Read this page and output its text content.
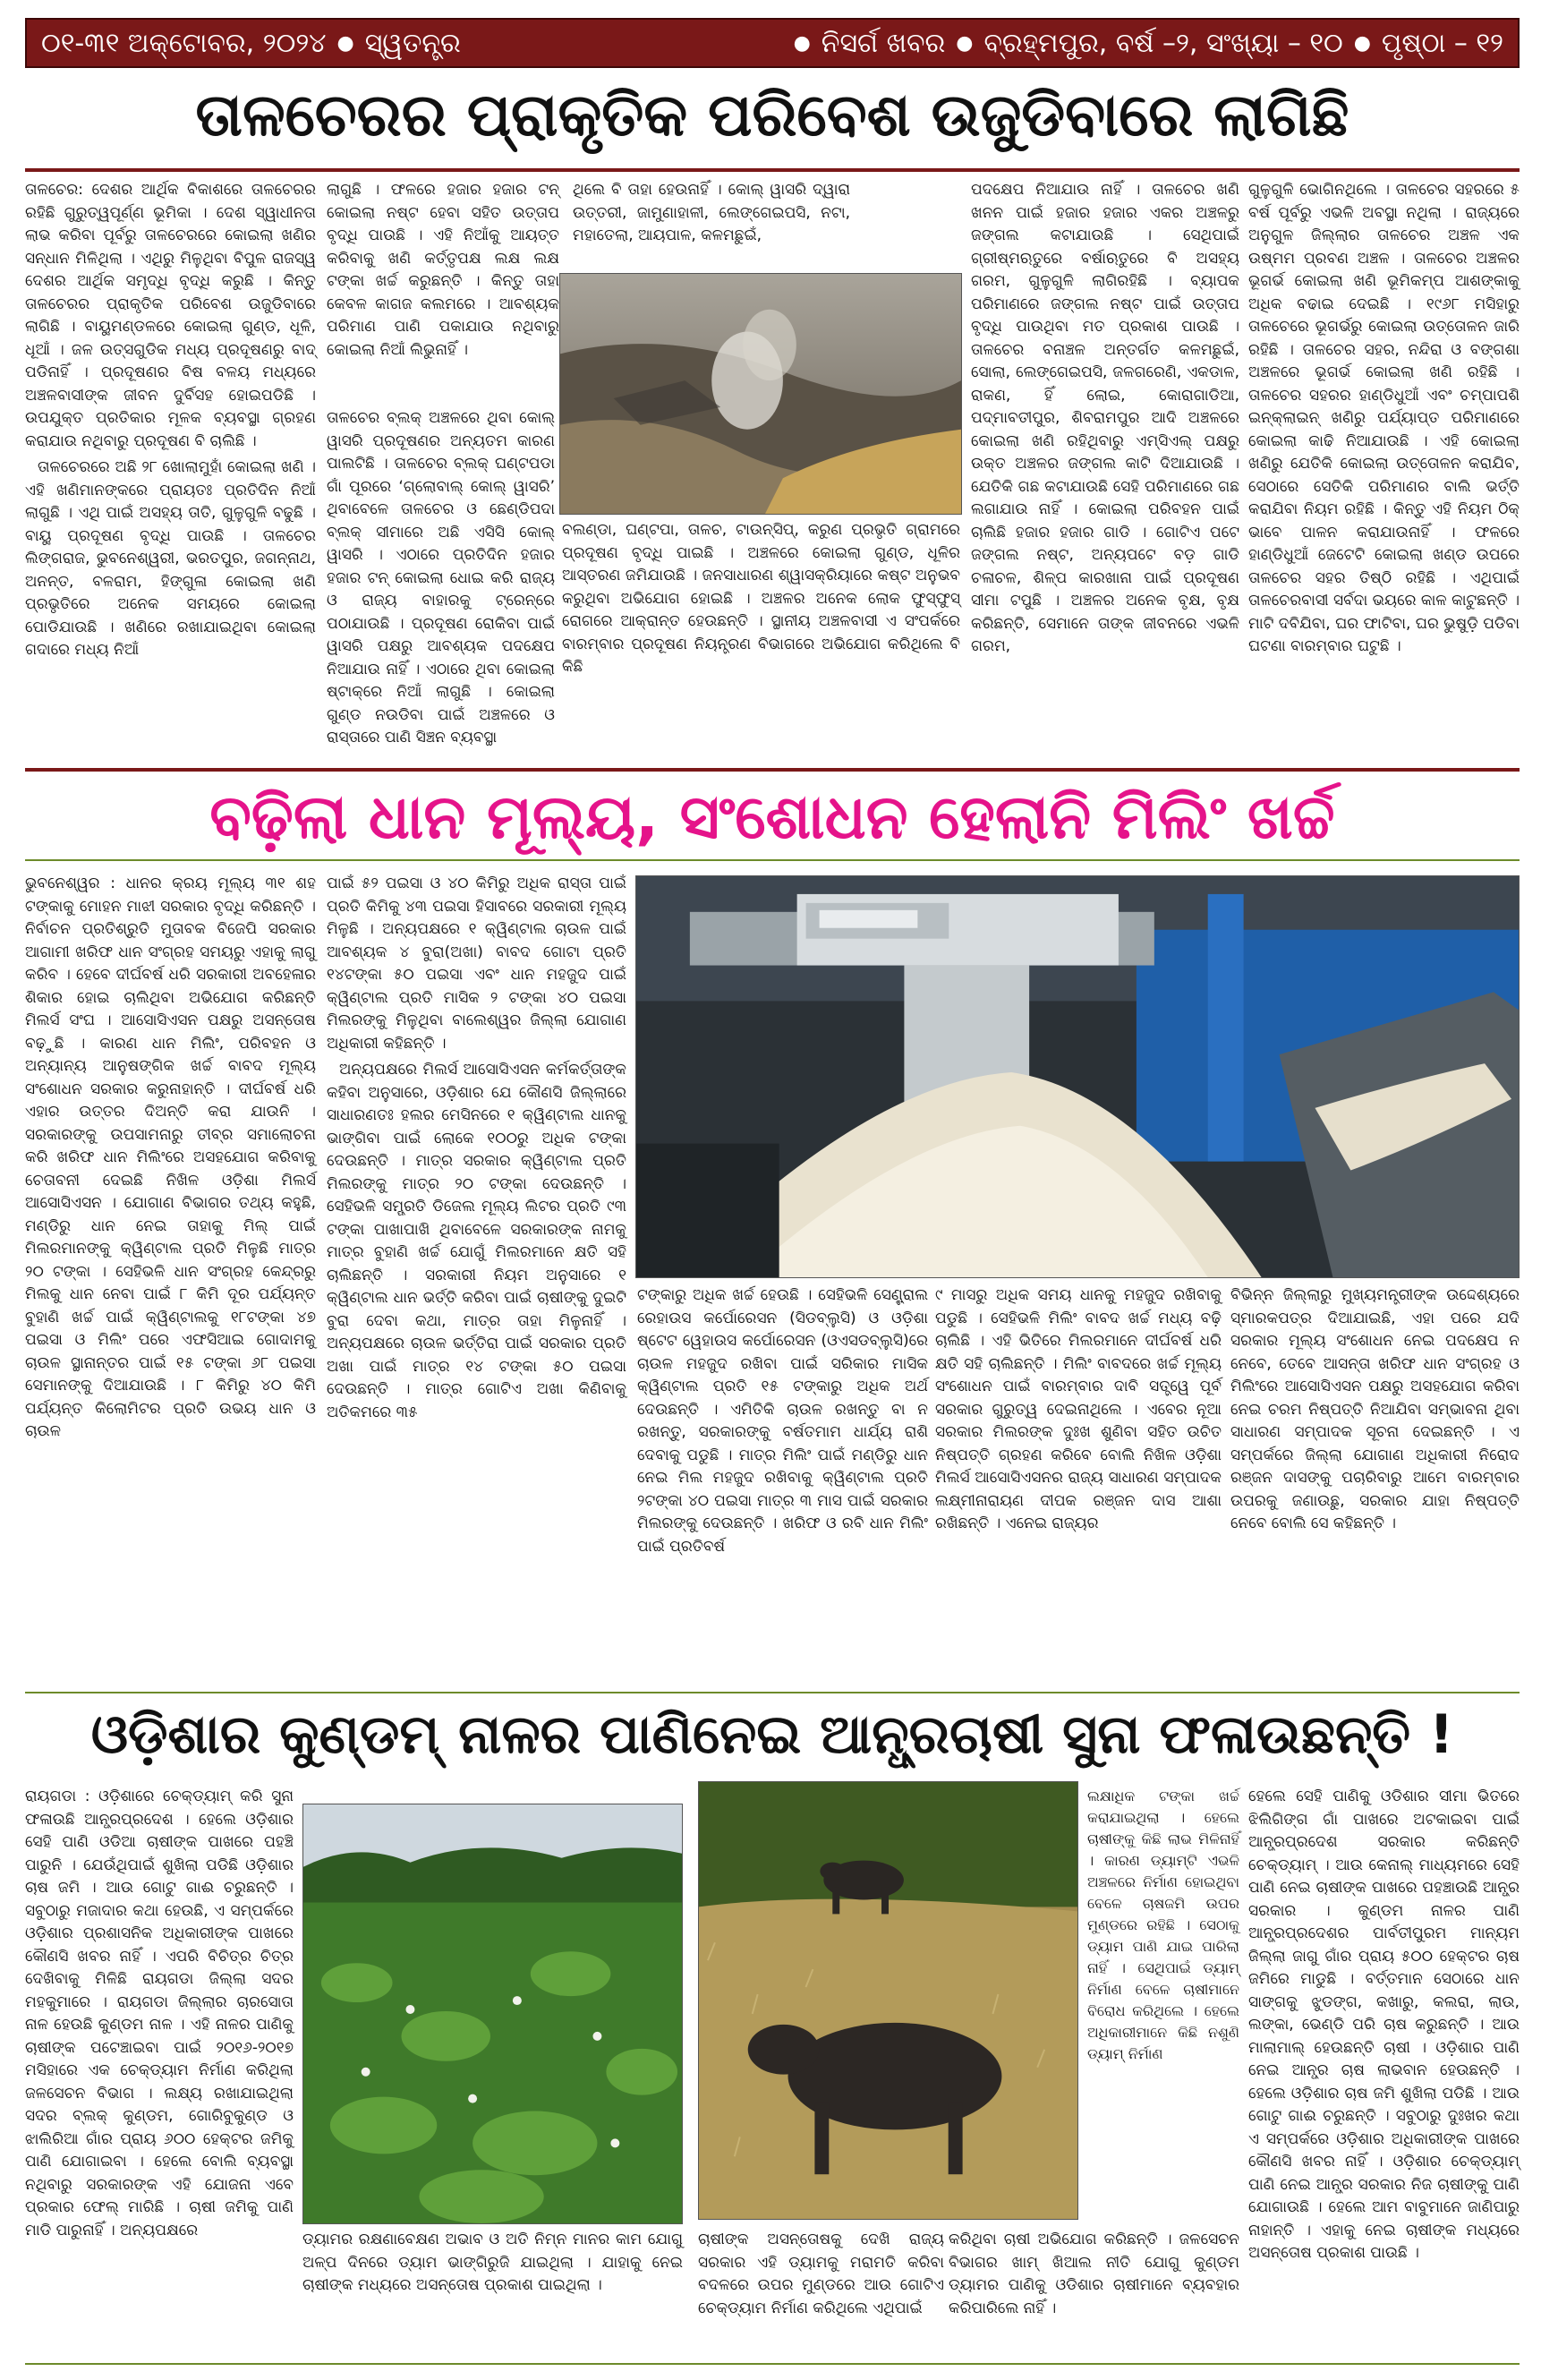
୦୧-୩୧ ଅକ୍ଟୋବର, ୨୦୨୪ ● ସ୍ୱତନ୍ତ୍ର	● ନିସର୍ଗ ଖବର ● ବ୍ରହ୍ମପୁର, ବର୍ଷ –୨, ସଂଖ୍ୟା – ୧୦ ● ପୃଷ୍ଠା – ୧୨
ତାଳଚେରର ପ୍ରାକୃତିକ ପରିବେଶ ଉଜୁଡିବାରେ ଲାଗିଛି

ତାଳଚେର: ଦେଶର ଆର୍ଥିକ ବିକାଶରେ ତାଳଚେରର ରହିଛି ଗୁରୁତ୍ୱପୂର୍ଣ୍ଣ ଭୂମିକା । ଦେଶ ସ୍ୱାଧୀନତା ଲାଭ କରିବା ପୂର୍ବରୁ ତାଳଚେରରେ କୋଇଲା ଖଣିର ସନ୍ଧାନ ମିଳିଥିଲା । ଏଥିରୁ ମିଳୁଥିବା ବିପୁଳ ରାଜସ୍ୱ ଦେଶର ଆର୍ଥିକ ସମୃଦ୍ଧି ବୃଦ୍ଧି କରୁଛି । କିନ୍ତୁ ତାଳଚେରର ପ୍ରାକୃତିକ ପରିବେଶ ଉଜୁଡିବାରେ ଲାଗିଛି । ବାୟୁମଣ୍ଡଳରେ କୋଇଲା ଗୁଣ୍ଡ, ଧୂଳି, ଧୂଆଁ । ଜଳ ଉତ୍ସଗୁଡିକ ମଧ୍ୟ ପ୍ରଦୂଷଣରୁ ବାଦ୍ ପଡିନାହିଁ । ପ୍ରଦୂଷଣର ବିଷ ବଳୟ ମଧ୍ୟରେ ଅଞ୍ଚଳବାସୀଙ୍କ ଜୀବନ ଦୁର୍ବିସହ ହୋଇପଡିଛି । ଉପଯୁକ୍ତ ପ୍ରତିକାର ମୂଳକ ବ୍ୟବସ୍ଥା ଗ୍ରହଣ କରାଯାଉ ନଥିବାରୁ ପ୍ରଦୂଷଣ ବି ଚାଲିଛି ।

ତାଳଚେରରେ ଅଛି ୨୮ ଖୋଲାମୁହାଁ କୋଇଲା ଖଣି । ଏହି ଖଣିମାନଙ୍କରେ ପ୍ରାୟତଃ ପ୍ରତିଦିନ ନିଆଁ ଲାଗୁଛି । ଏଥି ପାଇଁ ଅସହ୍ୟ ତାତି, ଗୁଳୁଗୁଳି ବଢୁଛି । ବାୟୁ ପ୍ରଦୂଷଣ ବୃଦ୍ଧି ପାଉଛି । ତାଳଚେର ଲିଙ୍ଗରାଜ, ଭୁବନେଶ୍ୱରୀ, ଭରତପୁର, ଜଗନ୍ନାଥ, ଅନନ୍ତ, ବଳରାମ, ହିଙ୍ଗୁଳା କୋଇଲା ଖଣି ପ୍ରଭୃତିରେ ଅନେକ ସମୟରେ କୋଇଲା ପୋଡିଯାଉଛି । ଖଣିରେ ରଖାଯାଇଥିବା କୋଇଲା ଗଦାରେ ମଧ୍ୟ ନିଆଁ

ଲାଗୁଛି । ଫଳରେ ହଜାର ହଜାର ଟନ୍ କୋଇଲା ନଷ୍ଟ ହେବା ସହିତ ଉତ୍ତାପ ବୃଦ୍ଧି ପାଉଛି । ଏହି ନିଆଁକୁ ଆୟତ୍ତ କରିବାକୁ ଖଣି କର୍ତ୍ତୃପକ୍ଷ ଲକ୍ଷ ଲକ୍ଷ ଟଙ୍କା ଖର୍ଚ୍ଚ କରୁଛନ୍ତି । କିନ୍ତୁ ତାହା କେବଳ କାଗଜ କଲମରେ । ଆବଶ୍ୟକ ପରିମାଣ ପାଣି ପକାଯାଉ ନଥିବାରୁ କୋଇଲା ନିଆଁ ଲିଭୁନାହିଁ ।

ଥିଲେ ବି ତାହା ହେଉନାହିଁ । କୋଲ୍ ୱାସରି ଦ୍ୱାରା ଉତ୍ତରୀ, ଜାମୁଣାହାଳୀ, ଲେଙ୍ଗେଇପସି, ନଟା, ମହାତେଲା, ଆୟପାଳ, କଳମଛୁଇଁ,

ତାଳଚେର ବ୍ଲକ୍ ଅଞ୍ଚଳରେ ଥିବା କୋଲ୍ ୱାସରି ପ୍ରଦୂଷଣର ଅନ୍ୟତମ କାରଣ ପାଲଟିଛି । ତାଳଚେର ବ୍ଲକ୍ ଘଣ୍ଟପଡା ଗାଁ ପୂରରେ ‘ଗ୍ଲୋବାଲ୍ କୋଲ୍ ୱାସରି’ ଥିବାବେଳେ ତାଳଚେର ଓ ଛେଣ୍ଡିପଦା ବ୍ଲକ୍ ସୀମାରେ ଅଛି ଏସିସି କୋଲ୍ ୱାସରି । ଏଠାରେ ପ୍ରତିଦିନ ହଜାର ହଜାର ଟନ୍ କୋଇଲା ଧୋଇ କରି ରାଜ୍ୟ ଓ ରାଜ୍ୟ ବାହାରକୁ ଟ୍ରେନ୍‌ରେ ପଠାଯାଉଛି । ପ୍ରଦୂଷଣ ରୋକିବା ପାଇଁ ୱାସରି ପକ୍ଷରୁ ଆବଶ୍ୟକ ପଦକ୍ଷେପ ନିଆଯାଉ ନାହିଁ । ଏଠାରେ ଥିବା କୋଇଲା ଷ୍ଟାକ୍‌ରେ ନିଆଁ ଲାଗୁଛି । କୋଇଲା ଗୁଣ୍ଡ ନଉଡିବା ପାଇଁ ଅଞ୍ଚଳରେ ଓ ରାସ୍ତାରେ ପାଣି ସିଞ୍ଚନ ବ୍ୟବସ୍ଥା

ବଲଣ୍ଡା, ଘଣ୍ଟପା, ତାଳଚ, ଟାଉନ୍‌ସିପ୍, କରୁଣ ପ୍ରଭୃତି ଗ୍ରାମରେ ପ୍ରଦୂଷଣ ବୃଦ୍ଧି ପାଇଛି । ଅଞ୍ଚଳରେ କୋଇଲା ଗୁଣ୍ଡ, ଧୂଳିର ଆସ୍ତରଣ ଜମିଯାଉଛି । ଜନସାଧାରଣ ଶ୍ୱାସକ୍ରିୟାରେ କଷ୍ଟ ଅନୁଭବ କରୁଥିବା ଅଭିଯୋଗ ହୋଇଛି । ଅଞ୍ଚଳର ଅନେକ ଲୋକ ଫୁସ୍‌ଫୁସ୍ ରୋଗରେ ଆକ୍ରାନ୍ତ ହେଉଛନ୍ତି । ସ୍ଥାନୀୟ ଅଞ୍ଚଳବାସୀ ଏ ସଂପର୍କରେ ବାରମ୍ବାର ପ୍ରଦୂଷଣ ନିୟନ୍ତ୍ରଣ ବିଭାଗରେ ଅଭିଯୋଗ କରିଥିଲେ ବି କିଛି

ପଦକ୍ଷେପ ନିଆଯାଉ ନାହିଁ । ତାଳଚେର ଖଣି ଖନନ ପାଇଁ ହଜାର ହଜାର ଏକର ଅଞ୍ଚଳରୁ ଜଙ୍ଗଲ କଟାଯାଉଛି । ସେଥିପାଇଁ ଗ୍ରୀଷ୍ମଋତୁରେ ବର୍ଷାଋତୁରେ ବି ଅସହ୍ୟ ଗରମ, ଗୁଳୁଗୁଳି ଲାଗିରହିଛି । ବ୍ୟାପକ ପରିମାଣରେ ଜଙ୍ଗଲ ନଷ୍ଟ ପାଇଁ ଉତ୍ତାପ ବୃଦ୍ଧି ପାଉଥିବା ମତ ପ୍ରକାଶ ପାଉଛି । ତାଳଚେର ବନାଞ୍ଚଳ ଅନ୍ତର୍ଗତ କଳମଛୁଇଁ, ସୋଲା, ଲେଙ୍ଗେଇପସି, ଜଳଗରେଣି, ଏକଡାଳ, ରାକଣ, ହିଁ ଲୋଇ, କୋରାଗାଡିଆ, ପଦ୍ମାବତୀପୁର, ଶିବରାମପୁର ଆଦି ଅଞ୍ଚଳରେ କୋଇଲା ଖଣି ରହିଥିବାରୁ ଏମ୍‌ସିଏଲ୍ ପକ୍ଷରୁ ଉକ୍ତ ଅଞ୍ଚଳର ଜଙ୍ଗଲ କାଟି ଦିଆଯାଉଛି । ଯେତିକି ଗଛ କଟାଯାଉଛି ସେହି ପରିମାଣରେ ଗଛ ଲଗାଯାଉ ନାହିଁ । କୋଇଲା ପରିବହନ ପାଇଁ ଚାଲିଛି ହଜାର ହଜାର ଗାଡି । ଗୋଟିଏ ପଟେ ଜଙ୍ଗଲ ନଷ୍ଟ, ଅନ୍ୟପଟେ ବଡ଼ ଗାଡି ଚଳାଚଳ, ଶିଳ୍ପ କାରଖାନା ପାଇଁ ପ୍ରଦୂଷଣ ସୀମା ଟପୁଛି । ଅଞ୍ଚଳର ଅନେକ ବୃକ୍ଷ, ବୃକ୍ଷ କରିଛନ୍ତି, ସେମାନେ ତାଙ୍କ ଜୀବନରେ ଏଭଳି ଗରମ,

ଗୁଳୁଗୁଳି ଭୋଗିନଥିଲେ । ତାଳଚେର ସହରରେ ୫ ବର୍ଷ ପୂର୍ବରୁ ଏଭଳି ଅବସ୍ଥା ନଥିଲା । ରାଜ୍ୟରେ ଅନୁଗୁଳ ଜିଲ୍ଲାର ତାଳଚେର ଅଞ୍ଚଳ ଏକ ଉଷ୍ମମ ପ୍ରବଣ ଅଞ୍ଚଳ । ତାଳଚେର ଅଞ୍ଚଳର ଭୂଗର୍ଭ କୋଇଲା ଖଣି ଭୂମିକମ୍ପ ଆଶଙ୍କାକୁ ଅଧିକ ବଢାଇ ଦେଇଛି । ୧୯୬୮ ମସିହାରୁ ତାଳଚେରେ ଭୂଗର୍ଭରୁ କୋଇଲା ଉତ୍ତୋଳନ ଜାରି ରହିଛି । ତାଳଚେର ସହର, ନନ୍ଦିରା ଓ ବଙ୍ଗଶା ଅଞ୍ଚଳରେ ଭୂଗର୍ଭ କୋଇଲା ଖଣି ରହିଛି । ତାଳଚେର ସହରର ହାଣ୍ଡିଧୁଆଁ ଏବଂ ଚମ୍ପାପଶି ଇନ୍‌କ୍ଲାଇନ୍ ଖଣିରୁ ପର୍ଯ୍ୟାପ୍ତ ପରିମାଣରେ କୋଇଲା କାଢି ନିଆଯାଉଛି । ଏହି କୋଇଲା ଖଣିରୁ ଯେତିକି କୋଇଲା ଉତ୍ତୋଳନ କରାଯିବ, ସେଠାରେ ସେତିକି ପରିମାଣର ବାଲି ଭର୍ତ୍ତି କରାଯିବା ନିୟମ ରହିଛି । କିନ୍ତୁ ଏହି ନିୟମ ଠିକ୍ ଭାବେ ପାଳନ କରାଯାଉନାହିଁ । ଫଳରେ ହାଣ୍ଡିଧୁଆଁ ଜେଟେଟି କୋଇଲା ଖଣ୍ଡ ଉପରେ ତାଳଚେର ସହର ତିଷ୍ଠି ରହିଛି । ଏଥିପାଇଁ ତାଳଚେରବାସୀ ସର୍ବଦା ଭୟରେ କାଳ କାଟୁଛନ୍ତି । ମାଟି ଦବିଯିବା, ଘର ଫାଟିବା, ଘର ଭୁଷୁଡ଼ି ପଡିବା ଘଟଣା ବାରମ୍ବାର ଘଟୁଛି ।

ବଢ଼ିଲା ଧାନ ମୂଲ୍ୟ, ସଂଶୋଧନ ହେଲାନି ମିଲିଂ ଖର୍ଚ୍ଚ

ଭୁବନେଶ୍ୱର : ଧାନର କ୍ରୟ ମୂଲ୍ୟ ୩୧ ଶହ ଟଙ୍କାକୁ ମୋହନ ମାଝୀ ସରକାର ବୃଦ୍ଧି କରିଛନ୍ତି । ନିର୍ବାଚନ ପ୍ରତିଶ୍ରୁତି ମୁତାବକ ବିଜେପି ସରକାର ଆଗାମୀ ଖରିଫ ଧାନ ସଂଗ୍ରହ ସମୟରୁ ଏହାକୁ ଲାଗୁ କରିବ । ହେବେ ଦୀର୍ଘବର୍ଷ ଧରି ସରକାରୀ ଅବହେଳାର ଶିକାର ହୋଇ ଚାଲିଥିବା ଅଭିଯୋଗ କରିଛନ୍ତି ମିଲର୍ସ ସଂଘ । ଆସୋସିଏସନ ପକ୍ଷରୁ ଅସନ୍ତୋଷ ବଢ଼ୁଛି । କାରଣ ଧାନ ମିଲିଂ, ପରିବହନ ଓ ଅନ୍ୟାନ୍ୟ ଆନୁଷଙ୍ଗିକ ଖର୍ଚ୍ଚ ବାବଦ ମୂଲ୍ୟ ସଂଶୋଧନ ସରକାର କରୁନାହାନ୍ତି । ଦୀର୍ଘବର୍ଷ ଧରି ଏହାର ଉତ୍ତର ଦିଅନ୍ତି କରା ଯାଉନି । ସରକାରଙ୍କୁ ଉପସାମନାରୁ ତୀବ୍ର ସମାଲୋଚନା କରି ଖରିଫ ଧାନ ମିଲିଂରେ ଅସହଯୋଗ କରିବାକୁ ଚେତାବନୀ ଦେଇଛି ନିଖିଳ ଓଡ଼ିଶା ମିଲର୍ସ ଆସୋସିଏସନ । ଯୋଗାଣ ବିଭାଗର ତଥ୍ୟ କହୁଛି, ମଣ୍ଡିରୁ ଧାନ ନେଇ ତାହାକୁ ମିଲ୍ ପାଇଁ ମିଲରମାନଙ୍କୁ କ୍ୱିଣ୍ଟାଲ ପ୍ରତି ମିଳୁଛି ମାତ୍ର ୨୦ ଟଙ୍କା । ସେହିଭଳି ଧାନ ସଂଗ୍ରହ କେନ୍ଦ୍ରରୁ ମିଲକୁ ଧାନ ନେବା ପାଇଁ ୮ କିମି ଦୂର ପର୍ଯ୍ୟନ୍ତ ବୁହାଣି ଖର୍ଚ୍ଚ ପାଇଁ କ୍ୱିଣ୍ଟାଲକୁ ୧୮ଟଙ୍କା ୪୭ ପଇସା ଓ ମିଲିଂ ପରେ ଏଫସିଆଇ ଗୋଦାମକୁ ଚାଉଳ ସ୍ଥାନାନ୍ତର ପାଇଁ ୧୫ ଟଙ୍କା ୬୮ ପଇସା ସେମାନଙ୍କୁ ଦିଆଯାଉଛି । ୮ କିମିରୁ ୪୦ କିମି ପର୍ଯ୍ୟନ୍ତ କିଲୋମିଟର ପ୍ରତି ଉଭୟ ଧାନ ଓ ଚାଉଳ

ପାଇଁ ୫୨ ପଇସା ଓ ୪୦ କିମିରୁ ଅଧିକ ରାସ୍ତା ପାଇଁ ପ୍ରତି କିମିକୁ ୪୩ ପଇସା ହିସାବରେ ସରକାରୀ ମୂଲ୍ୟ ମିଳୁଛି । ଅନ୍ୟପକ୍ଷରେ ୧ କ୍ୱିଣ୍ଟାଲ ଚାଉଳ ପାଇଁ ଆବଶ୍ୟକ ୪ ବୁରା(ଅଖା) ବାବଦ ଗୋଟା ପ୍ରତି ୧୪ଟଙ୍କା ୫୦ ପଇସା ଏବଂ ଧାନ ମହଜୁଦ ପାଇଁ କ୍ୱିଣ୍ଟାଲ ପ୍ରତି ମାସିକ ୨ ଟଙ୍କା ୪୦ ପଇସା ମିଲରଙ୍କୁ ମିଳୁଥିବା ବାଲେଶ୍ୱର ଜିଲ୍ଲା ଯୋଗାଣ ଅଧିକାରୀ କହିଛନ୍ତି ।

ଅନ୍ୟପକ୍ଷରେ ମିଲର୍ସ ଆସୋସିଏସନ କର୍ମକର୍ତ୍ତାଙ୍କ କହିବା ଅନୁସାରେ, ଓଡ଼ିଶାର ଯେ କୌଣସି ଜିଲ୍ଲାରେ ସାଧାରଣତଃ ହଲର ମେସିନରେ ୧ କ୍ୱିଣ୍ଟାଲ ଧାନକୁ ଭାଙ୍ଗିବା ପାଇଁ ଲୋକେ ୧୦୦ରୁ ଅଧିକ ଟଙ୍କା ଦେଉଛନ୍ତି । ମାତ୍ର ସରକାର କ୍ୱିଣ୍ଟାଲ ପ୍ରତି ମିଲରଙ୍କୁ ମାତ୍ର ୨୦ ଟଙ୍କା ଦେଉଛନ୍ତି । ସେହିଭଳି ସମ୍ପ୍ରତି ଡିଜେଲ ମୂଲ୍ୟ ଲିଟର ପ୍ରତି ୯୩ ଟଙ୍କା ପାଖାପାଖି ଥିବାବେଳେ ସରକାରଙ୍କ ନାମକୁ ମାତ୍ର ବୁହାଣି ଖର୍ଚ୍ଚ ଯୋଗୁଁ ମିଲରମାନେ କ୍ଷତି ସହି ଚାଲିଛନ୍ତି । ସରକାରୀ ନିୟମ ଅନୁସାରେ ୧ କ୍ୱିଣ୍ଟାଲ ଧାନ ଭର୍ତ୍ତି କରିବା ପାଇଁ ଚାଷୀଙ୍କୁ ଦୁଇଟି ବୁରା ଦେବା କଥା, ମାତ୍ର ତାହା ମିଳୁନାହିଁ । ଅନ୍ୟପକ୍ଷରେ ଚାଉଳ ଭର୍ତ୍ତିରା ପାଇଁ ସରକାର ପ୍ରତି ଅଖା ପାଇଁ ମାତ୍ର ୧୪ ଟଙ୍କା ୫୦ ପଇସା ଦେଉଛନ୍ତି । ମାତ୍ର ଗୋଟିଏ ଅଖା କିଣିବାକୁ ଅତିକମରେ ୩୫

ଟଙ୍କାରୁ ଅଧିକ ଖର୍ଚ୍ଚ ହେଉଛି । ସେହିଭଳି ସେଣ୍ଟ୍ରାଲ ରେହାଉସ କର୍ପୋରେସନ (ସିଡବ୍ଲୁସି) ଓ ଓଡ଼ିଶା ଷ୍ଟେଟ ୱେହାଉସ କର୍ପୋରେସନ (ଓଏସଡବ୍ଲୁସି)ରେ ଚାଉଳ ମହଜୁଦ ରଖିବା ପାଇଁ ସରିକାର ମାସିକ କ୍ୱିଣ୍ଟାଲ ପ୍ରତି ୧୫ ଟଙ୍କାରୁ ଅଧିକ ଅର୍ଥ ଦେଉଛନ୍ତି । ଏମିତିକି ଚାଉଳ ରଖନ୍ତୁ ବା ନ ରଖନ୍ତୁ, ସରକାରଙ୍କୁ ବର୍ଷତମାମ ଧାର୍ଯ୍ୟ ରାଶି ଦେବାକୁ ପଡୁଛି । ମାତ୍ର ମିଲିଂ ପାଇଁ ମଣ୍ଡିରୁ ଧାନ ନେଇ ମିଲ ମହଜୁଦ ରଖିବାକୁ କ୍ୱିଣ୍ଟାଲ ପ୍ରତି ୨ଟଙ୍କା ୪୦ ପଇସା ମାତ୍ର ୩ ମାସ ପାଇଁ ସରକାର ମିଲରଙ୍କୁ ଦେଉଛନ୍ତି । ଖରିଫ ଓ ରବି ଧାନ ମିଲିଂ ପାଇଁ ପ୍ରତିବର୍ଷ

୯ ମାସରୁ ଅଧିକ ସମୟ ଧାନକୁ ମହଜୁଦ ରଖିବାକୁ ପଡୁଛି । ସେହିଭଳି ମିଲିଂ ବାବଦ ଖର୍ଚ୍ଚ ମଧ୍ୟ ବଢ଼ି ଚାଲିଛି । ଏହି ଭିତିରେ ମିଲରମାନେ ଦୀର୍ଘବର୍ଷ ଧରି କ୍ଷତି ସହି ଚାଲିଛନ୍ତି । ମିଲିଂ ବାବଦରେ ଖର୍ଚ୍ଚ ମୂଲ୍ୟ ସଂଶୋଧନ ପାଇଁ ବାରମ୍ବାର ଦାବି ସତ୍ତ୍ୱେ ପୂର୍ବ ସରକାର ଗୁରୁତ୍ୱ ଦେଇନାଥିଲେ । ଏବେର ନୂଆ ସରକାର ମିଲରଙ୍କ ଦୁଃଖ ଶୁଣିବା ସହିତ ଉଚିତ ନିଷ୍ପତ୍ତି ଗ୍ରହଣ କରିବେ ବୋଲି ନିଖିଳ ଓଡ଼ିଶା ମିଲର୍ସ ଆସୋସିଏସନର ରାଜ୍ୟ ସାଧାରଣ ସମ୍ପାଦକ ଲକ୍ଷ୍ମୀନାରାୟଣ ଦୀପକ ରଞ୍ଜନ ଦାସ ଆଶା ରଖିଛନ୍ତି । ଏନେଇ ରାଜ୍ୟର

ବିଭିନ୍ନ ଜିଲ୍ଲାରୁ ମୁଖ୍ୟମନ୍ତ୍ରୀଙ୍କ ଉଦ୍ଦେଶ୍ୟରେ ସ୍ମାରକପତ୍ର ଦିଆଯାଇଛି, ଏହା ପରେ ଯଦି ସରକାର ମୂଲ୍ୟ ସଂଶୋଧନ ନେଇ ପଦକ୍ଷେପ ନ ନେବେ, ତେବେ ଆସନ୍ତା ଖରିଫ ଧାନ ସଂଗ୍ରହ ଓ ମିଲିଂରେ ଆସୋସିଏସନ ପକ୍ଷରୁ ଅସହଯୋଗ କରିବା ନେଇ ଚରମ ନିଷ୍ପତ୍ତି ନିଆଯିବା ସମ୍ଭାବନା ଥିବା ସାଧାରଣ ସମ୍ପାଦକ ସୂଚନା ଦେଇଛନ୍ତି । ଏ ସମ୍ପର୍କରେ ଜିଲ୍ଲା ଯୋଗାଣ ଅଧିକାରୀ ନିରୋଦ ରଞ୍ଜନ ଦାସଙ୍କୁ ପଚାରିବାରୁ ଆମେ ବାରମ୍ବାର ଉପରକୁ ଜଣାଉଛୁ, ସରକାର ଯାହା ନିଷ୍ପତ୍ତି ନେବେ ବୋଲି ସେ କହିଛନ୍ତି ।

ଓଡ଼ିଶାର କୁଣ୍ଡମ୍ ନାଳର ପାଣିନେଇ ଆନ୍ଧ୍ରଚାଷୀ ସୁନା ଫଳାଉଛନ୍ତି !

ରାୟଗଡା : ଓଡ଼ିଶାରେ ଚେକ୍‌ଡ୍ୟାମ୍ କରି ସୁନା ଫଳାଉଛି ଆନ୍ଧ୍ରପ୍ରଦେଶ । ହେଲେ ଓଡ଼ିଶାର ସେହି ପାଣି ଓଡିଆ ଚାଷୀଙ୍କ ପାଖରେ ପହଞ୍ଚି ପାରୁନି । ଯେଉଁଥିପାଇଁ ଶୁଖିଲା ପଡିଛି ଓଡ଼ିଶାର ଚାଷ ଜମି । ଆଉ ଗୋଟୁ ଗାଈ ଚରୁଛନ୍ତି । ସବୁଠାରୁ ମଜାଦାର କଥା ହେଉଛି, ଏ ସମ୍ପର୍କରେ ଓଡ଼ିଶାର ପ୍ରଶାସନିକ ଅଧିକାରୀଙ୍କ ପାଖରେ କୌଣସି ଖବର ନାହିଁ । ଏପରି ବିଚିତ୍ର ଚିତ୍ର ଦେଖିବାକୁ ମିଳିଛି ରାୟଗଡା ଜିଲ୍ଲା ସଦର ମହକୁମାରେ । ରାୟଗଡା ଜିଲ୍ଲାର ଚାରସୋତା ନାଳ ହେଉଛି କୁଣ୍ଡମ ନାଳ । ଏହି ନାଳର ପାଣିକୁ ଚାଷୀଙ୍କ ପଟେଞ୍ଚାଇବା ପାଇଁ ୨୦୧୬-୨୦୧୭ ମସିହାରେ ଏକ ଚେକ୍‌ଡ୍ୟାମ ନିର୍ମାଣ କରିଥିଲା ଜଳସେଚନ ବିଭାଗ । ଲକ୍ଷ୍ୟ ରଖାଯାଇଥିଲା ସଦର ବ୍ଲକ୍ କୁଣ୍ଡମ, ଗୋରିବୁକୁଣ୍ଡ ଓ ଝାଲିରିଆ ଗାଁର ପ୍ରାୟ ୬୦୦ ହେକ୍ଟର ଜମିକୁ ପାଣି ଯୋଗାଇବା । ହେଲେ ବୋଲି ବ୍ୟବସ୍ଥା ନଥିବାରୁ ସରକାରଙ୍କ ଏହି ଯୋଜନା ଏବେ ପ୍ରକାର ଫେଲ୍ ମାରିଛି । ଚାଷୀ ଜମିକୁ ପାଣି ମାଡି ପାରୁନାହିଁ । ଅନ୍ୟପକ୍ଷରେ

ଡ୍ୟାମର ରକ୍ଷଣାବେକ୍ଷଣ ଅଭାବ ଓ ଅତି ନିମ୍ନ ମାନର କାମ ଯୋଗୁ ଅଳ୍ପ ଦିନରେ ଡ୍ୟାମ ଭାଙ୍ଗିରୁଜି ଯାଇଥିଲା । ଯାହାକୁ ନେଇ ଚାଷୀଙ୍କ ମଧ୍ୟରେ ଅସନ୍ତୋଷ ପ୍ରକାଶ ପାଇଥିଲା ।

ଚାଷୀଙ୍କ ଅସନ୍ତୋଷକୁ ଦେଖି ରାଜ୍ୟ ସରକାର ଏହି ଡ୍ୟାମକୁ ମରାମତି କରିବା ବଦଳରେ ଉପର ମୁଣ୍ଡରେ ଆଉ ଗୋଟିଏ ଚେକ୍‌ଡ୍ୟାମ ନିର୍ମାଣ କରିଥିଲେ ଏଥିପାଇଁ

କରିଥିବା ଚାଷୀ ଅଭିଯୋଗ କରିଛନ୍ତି । ଜଳସେଚନ ବିଭାଗର ଖାମ୍ ଖିଆଲ ନୀତି ଯୋଗୁ କୁଣ୍ଡମ ଡ୍ୟାମର ପାଣିକୁ ଓଡିଶାର ଚାଷୀମାନେ ବ୍ୟବହାର କରିପାରିଲେ ନାହିଁ ।

ଲକ୍ଷାଧିକ ଟଙ୍କା ଖର୍ଚ୍ଚ କରାଯାଇଥିଲା । ହେଲେ ଚାଷୀଙ୍କୁ କିଛି ଲାଭ ମିଳିନାହିଁ । କାରଣ ଡ୍ୟାମ୍‌ଟି ଏଭଳି ଅଞ୍ଚଳରେ ନିର୍ମାଣ ହୋଇଥିବା ବେଳେ ଚାଷଜମି ଉପର ମୁଣ୍ଡରେ ରହିଛି । ସେଠାକୁ ଡ୍ୟାମ ପାଣି ଯାଇ ପାରିଲା ନାହିଁ । ସେଥିପାଇଁ ଡ୍ୟାମ୍ ନିର୍ମାଣ ବେଳେ ଚାଷୀମାନେ ବିରୋଧ କରିଥିଲେ । ହେଲେ ଅଧିକାରୀମାନେ କିଛି ନଶୁଣି ଡ୍ୟାମ୍ ନିର୍ମାଣ

ହେଲେ ସେହି ପାଣିକୁ ଓଡିଶାର ସୀମା ଭିତରେ ଝିଲିଗିଙ୍ଗ ଗାଁ ପାଖରେ ଅଟକାଇବା ପାଇଁ ଆନ୍ଧ୍ରପ୍ରଦେଶ ସରକାର କରିଛନ୍ତି ଚେକ୍‌ଡ୍ୟାମ୍ । ଆଉ କେନାଲ୍ ମାଧ୍ୟମରେ ସେହି ପାଣି ନେଇ ଚାଷୀଙ୍କ ପାଖରେ ପହଞ୍ଚାଉଛି ଆନ୍ଧ୍ର ସରକାର । କୁଣ୍ଡମ ନାଳର ପାଣି ଆନ୍ଧ୍ରପ୍ରଦେଶର ପାର୍ବତୀପୁରମ ମାନ୍ୟମ ଜିଲ୍ଲା ଜାଗୁ ଗାଁର ପ୍ରାୟ ୫୦୦ ହେକ୍ଟର ଚାଷ ଜମିରେ ମାଡୁଛି । ବର୍ତ୍ତମାନ ସେଠାରେ ଧାନ ସାଙ୍ଗକୁ ଝୁଡଙ୍ଗ, କଖାରୁ, କଲରା, ଲାଉ, ଲଙ୍କା, ଭେଣ୍ଡି ପରି ଚାଷ କରୁଛନ୍ତି । ଆଉ ମାଲାମାଲ୍ ହେଉଛନ୍ତି ଚାଷୀ । ଓଡ଼ିଶାର ପାଣି ନେଇ ଆନ୍ଧ୍ର ଚାଷ ଲାଭବାନ ହେଉଛନ୍ତି । ହେଲେ ଓଡ଼ିଶାର ଚାଷ ଜମି ଶୁଖିଲା ପଡିଛି । ଆଉ ଗୋଟୁ ଗାଈ ଚରୁଛନ୍ତି । ସବୁଠାରୁ ଦୁଃଖର କଥା ଏ ସମ୍ପର୍କରେ ଓଡ଼ିଶାର ଅଧିକାରୀଙ୍କ ପାଖରେ କୌଣସି ଖବର ନାହିଁ । ଓଡ଼ିଶାର ଚେକ୍‌ଡ୍ୟାମ୍ ପାଣି ନେଇ ଆନ୍ଧ୍ର ସରକାର ନିଜ ଚାଷୀଙ୍କୁ ପାଣି ଯୋଗାଉଛି । ହେଲେ ଆମ ବାବୁମାନେ ଜାଣିପାରୁ ନାହାନ୍ତି । ଏହାକୁ ନେଇ ଚାଷୀଙ୍କ ମଧ୍ୟରେ ଅସନ୍ତୋଷ ପ୍ରକାଶ ପାଉଛି ।
